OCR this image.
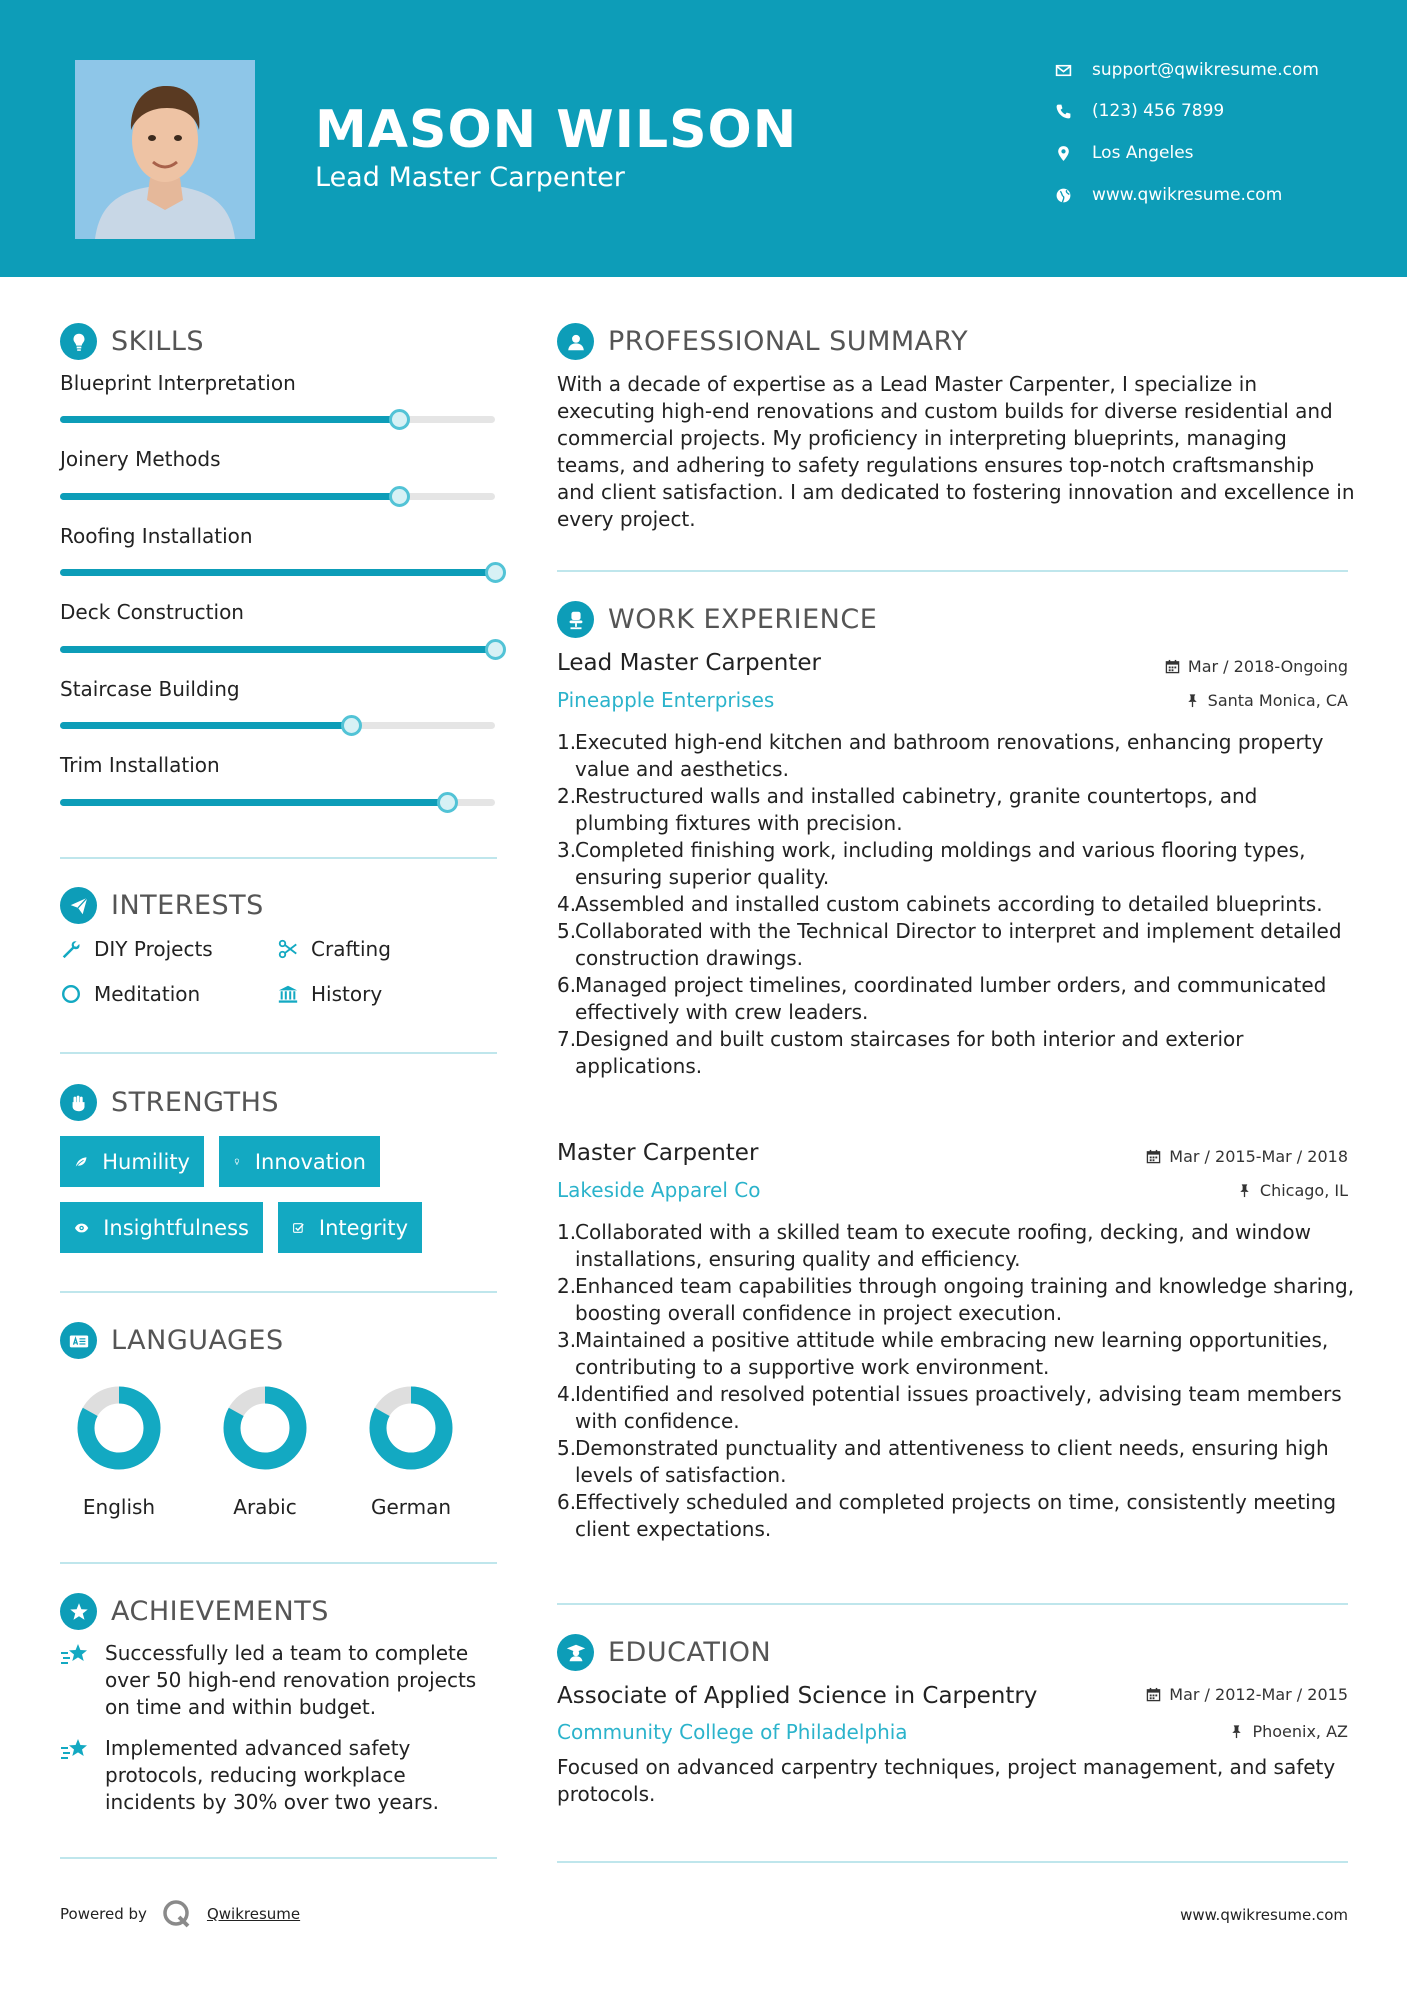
MASON WILSON
Lead Master Carpenter
support@qwikresume.com
(123) 456 7899
Los Angeles
www.qwikresume.com
SKILLS
Blueprint Interpretation
Joinery Methods
Roofing Installation
Deck Construction
Staircase Building
Trim Installation
INTERESTS
DIY Projects	Crafting
Meditation	History
STRENGTHS
Humility	Innovation
Insightfulness	Integrity
LANGUAGES
English	Arabic	German
ACHIEVEMENTS
Successfully led a team to complete over 50 high-end renovation projects on time and within budget.
Implemented advanced safety protocols, reducing workplace incidents by 30% over two years.
PROFESSIONAL SUMMARY
With a decade of expertise as a Lead Master Carpenter, I specialize in executing high-end renovations and custom builds for diverse residential and commercial projects. My proficiency in interpreting blueprints, managing teams, and adhering to safety regulations ensures top-notch craftsmanship and client satisfaction. I am dedicated to fostering innovation and excellence in every project.
WORK EXPERIENCE
Lead Master Carpenter	Mar / 2018-Ongoing
Pineapple Enterprises	Santa Monica, CA
1.
Executed high-end kitchen and bathroom renovations, enhancing property value and aesthetics.
2.
Restructured walls and installed cabinetry, granite countertops, and plumbing fixtures with precision.
3.
Completed finishing work, including moldings and various flooring types, ensuring superior quality.
4.
Assembled and installed custom cabinets according to detailed blueprints.
5.
Collaborated with the Technical Director to interpret and implement detailed construction drawings.
6.
Managed project timelines, coordinated lumber orders, and communicated effectively with crew leaders.
7.
Designed and built custom staircases for both interior and exterior applications.
Master Carpenter	Mar / 2015-Mar / 2018
Lakeside Apparel Co	Chicago, IL
1.
Collaborated with a skilled team to execute roofing, decking, and window installations, ensuring quality and efficiency.
2.
Enhanced team capabilities through ongoing training and knowledge sharing, boosting overall confidence in project execution.
3.
Maintained a positive attitude while embracing new learning opportunities, contributing to a supportive work environment.
4.
Identified and resolved potential issues proactively, advising team members with confidence.
5.
Demonstrated punctuality and attentiveness to client needs, ensuring high levels of satisfaction.
6.
Effectively scheduled and completed projects on time, consistently meeting client expectations.
EDUCATION
Associate of Applied Science in Carpentry	Mar / 2012-Mar / 2015
Community College of Philadelphia	Phoenix, AZ
Focused on advanced carpentry techniques, project management, and safety protocols.
Powered by	Qwikresume	www.qwikresume.com
